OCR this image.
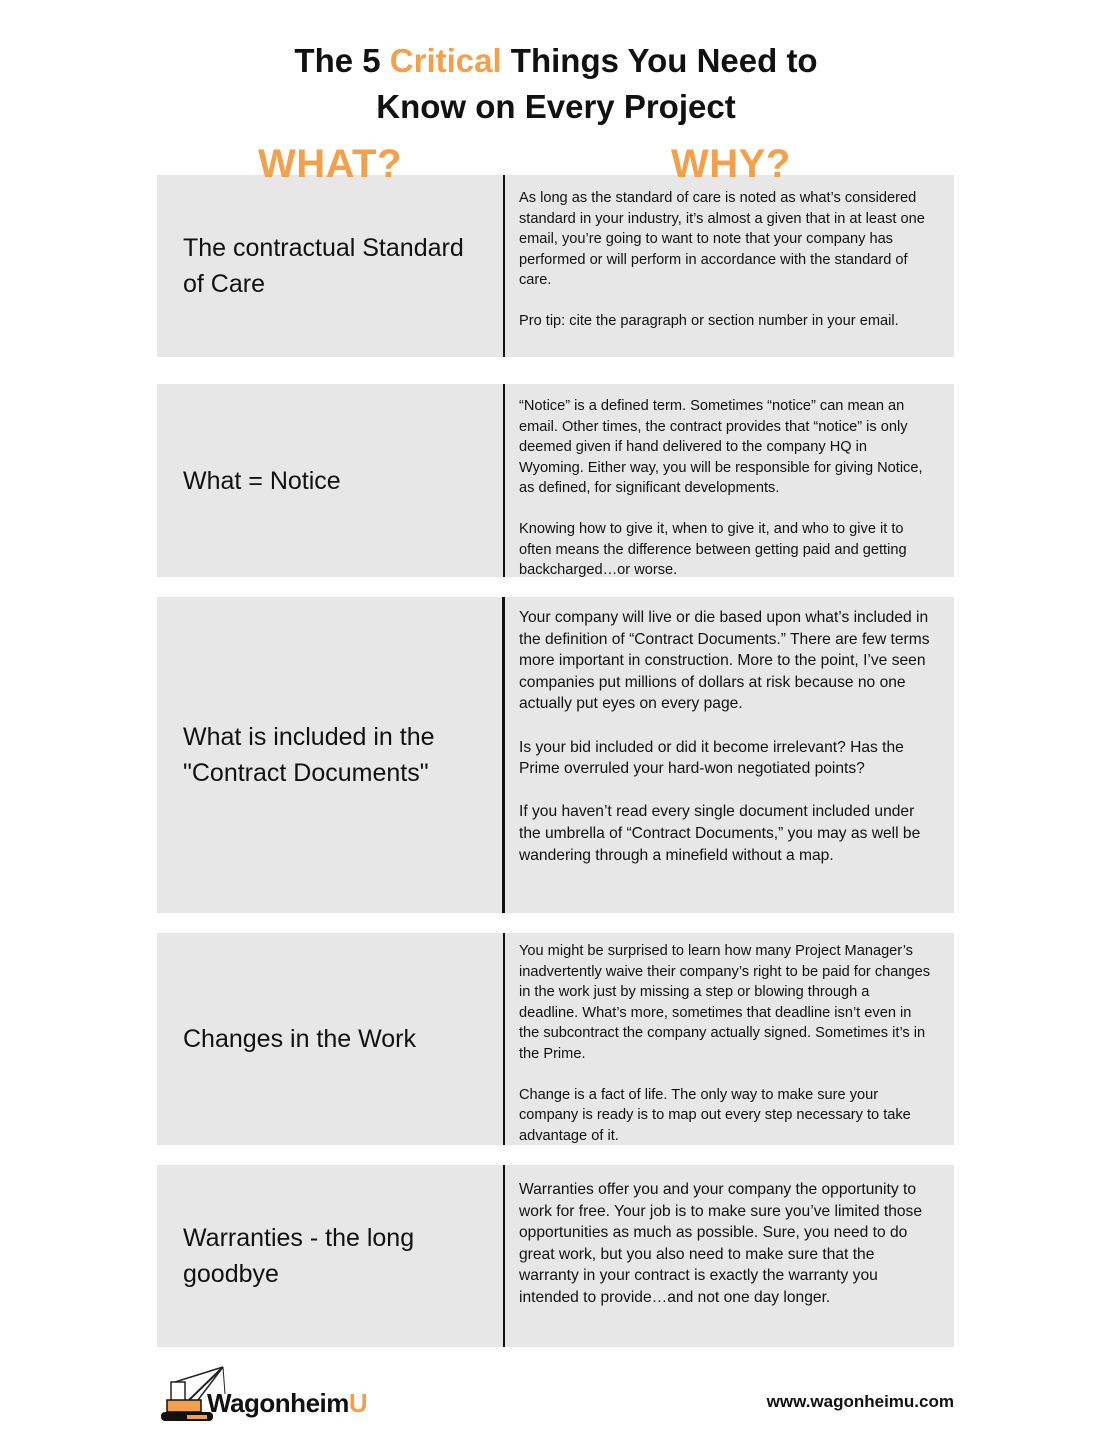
The 5 Critical Things You Need to
Know on Every Project
WHAT?	WHY?
The contractual Standard of Care

As long as the standard of care is noted as what’s considered standard in your industry, it’s almost a given that in at least one email, you’re going to want to note that your company has performed or will perform in accordance with the standard of care.

Pro tip: cite the paragraph or section number in your email.

What = Notice

“Notice” is a defined term. Sometimes “notice” can mean an email. Other times, the contract provides that “notice” is only deemed given if hand delivered to the company HQ in Wyoming. Either way, you will be responsible for giving Notice, as defined, for significant developments.

Knowing how to give it, when to give it, and who to give it to often means the difference between getting paid and getting backcharged…or worse.

What is included in the "Contract Documents"

Your company will live or die based upon what’s included in the definition of “Contract Documents.” There are few terms more important in construction. More to the point, I’ve seen companies put millions of dollars at risk because no one actually put eyes on every page.

Is your bid included or did it become irrelevant? Has the Prime overruled your hard-won negotiated points?

If you haven’t read every single document included under the umbrella of “Contract Documents,” you may as well be wandering through a minefield without a map.

Changes in the Work

You might be surprised to learn how many Project Manager’s inadvertently waive their company’s right to be paid for changes in the work just by missing a step or blowing through a deadline. What’s more, sometimes that deadline isn’t even in the subcontract the company actually signed. Sometimes it’s in the Prime.

Change is a fact of life. The only way to make sure your company is ready is to map out every step necessary to take advantage of it.

Warranties - the long goodbye

Warranties offer you and your company the opportunity to work for free. Your job is to make sure you’ve limited those opportunities as much as possible. Sure, you need to do great work, but you also need to make sure that the warranty in your contract is exactly the warranty you intended to provide…and not one day longer.

WagonheimU	www.wagonheimu.com
